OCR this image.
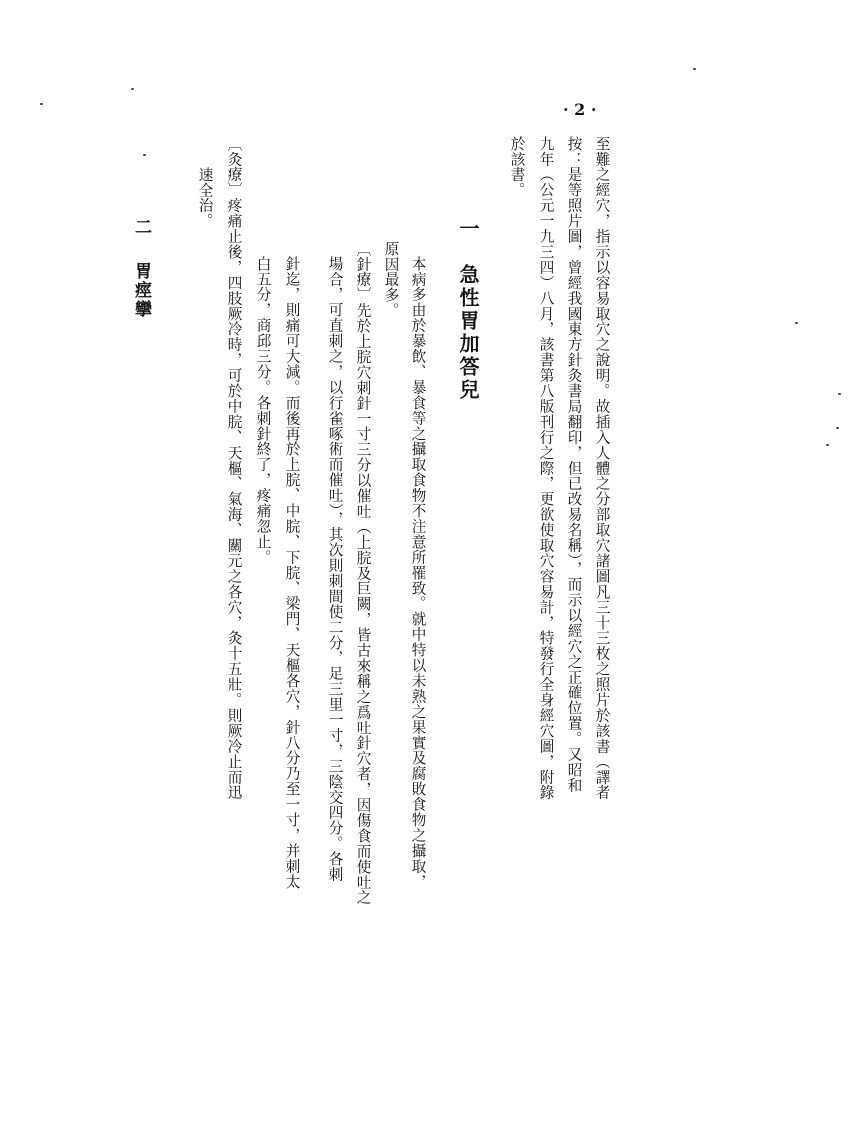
· 2 ·
至難之經穴，指示以容易取穴之說明。故插入人體之分部取穴諸圖凡三十三枚之照片於該書（譯者
按：是等照片圖，曾經我國東方針灸書局翻印，但已改易名稱），而示以經穴之正確位置。又昭和
九年（公元一九三四）八月，該書第八版刊行之際，更欲使取穴容易計，特發行全身經穴圖，附錄
於該書。
一　急性胃加答兒
本病多由於暴飲、暴食等之攝取食物不注意所罹致。就中特以未熟之果實及腐敗食物之攝取，
原因最多。
〔針療〕先於上脘穴刺針一寸三分以催吐（上脘及巨闕，皆古來稱之爲吐針穴者，因傷食而使吐之
場合，可直刺之，以行雀啄術而催吐），其次則刺間使二分，足三里一寸，三陰交四分。各刺
針迄，則痛可大減。而後再於上脘、中脘、下脘、梁門、天樞各穴，針八分乃至一寸，并刺太
白五分，商邱三分。各刺針終了，疼痛忽止。
〔灸療〕疼痛止後，四肢厥冷時，可於中脘、天樞、氣海、關元之各穴，灸十五壯。則厥冷止而迅
速全治。
二
胃痙攣
